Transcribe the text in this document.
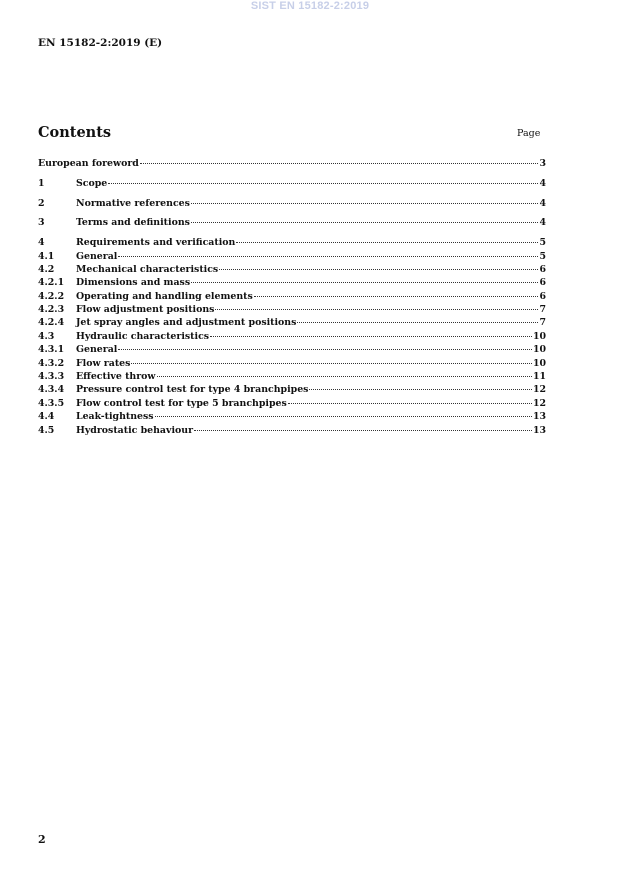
SIST EN 15182-2:2019
EN 15182-2:2019 (E)
Contents	Page
European foreword	3
1	Scope	4
2	Normative references	4
3	Terms and definitions	4
4	Requirements and verification	5
4.1	General	5
4.2	Mechanical characteristics	6
4.2.1	Dimensions and mass	6
4.2.2	Operating and handling elements	6
4.2.3	Flow adjustment positions	7
4.2.4	Jet spray angles and adjustment positions	7
4.3	Hydraulic characteristics	10
4.3.1	General	10
4.3.2	Flow rates	10
4.3.3	Effective throw	11
4.3.4	Pressure control test for type 4 branchpipes	12
4.3.5	Flow control test for type 5 branchpipes	12
4.4	Leak-tightness	13
4.5	Hydrostatic behaviour	13
2
